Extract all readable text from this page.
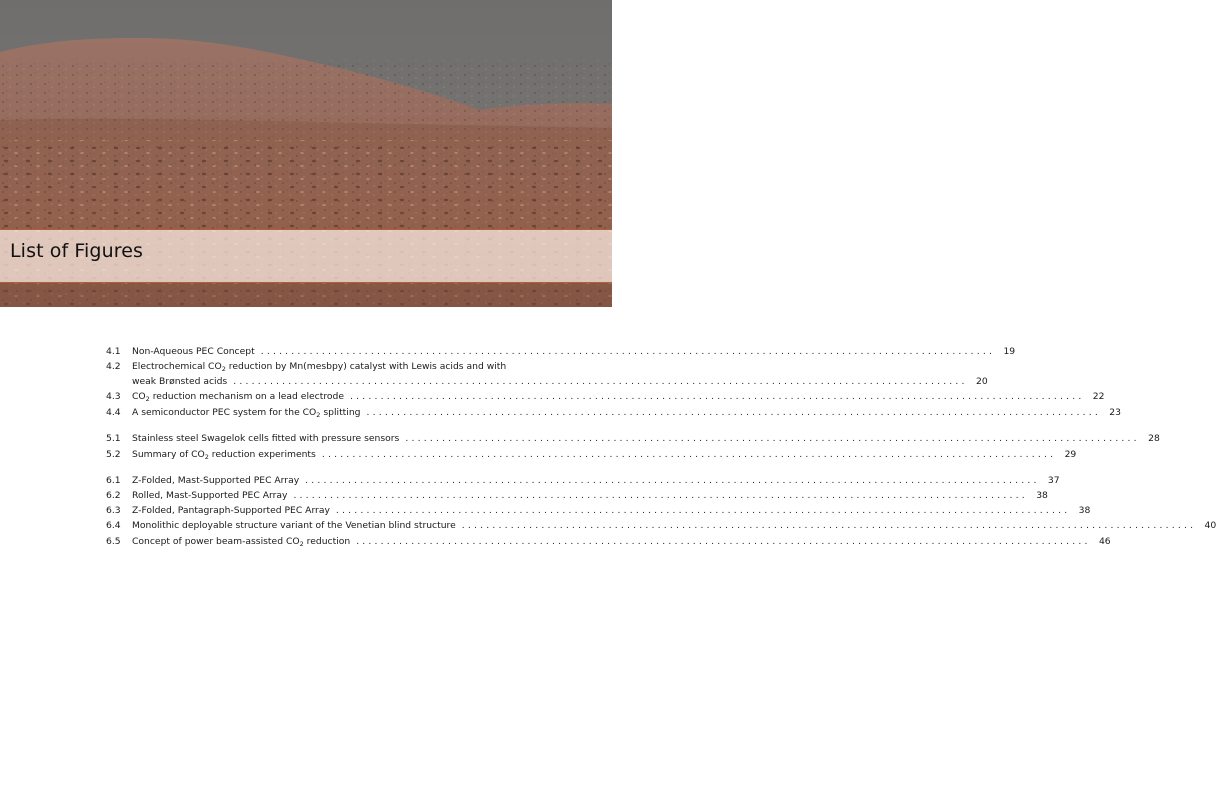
List of Figures
4.1 Non-Aqueous PEC Concept ........................................................................................................................ 19
4.2 Electrochemical $CO_2$ reduction by Mn(mesbpy) catalyst with Lewis acids and with
weak Brønsted acids ........................................................................................................................ 20
4.3 $CO_2$ reduction mechanism on a lead electrode ........................................................................................................................ 22
4.4 A semiconductor PEC system for the $CO_2$ splitting ........................................................................................................................ 23
5.1 Stainless steel Swagelok cells fitted with pressure sensors ........................................................................................................................ 28
5.2 Summary of $CO_2$ reduction experiments ........................................................................................................................ 29
6.1 Z-Folded, Mast-Supported PEC Array ........................................................................................................................ 37
6.2 Rolled, Mast-Supported PEC Array ........................................................................................................................ 38
6.3 Z-Folded, Pantagraph-Supported PEC Array ........................................................................................................................ 38
6.4 Monolithic deployable structure variant of the Venetian blind structure ........................................................................................................................ 40
6.5 Concept of power beam-assisted $CO_2$ reduction ........................................................................................................................ 46
